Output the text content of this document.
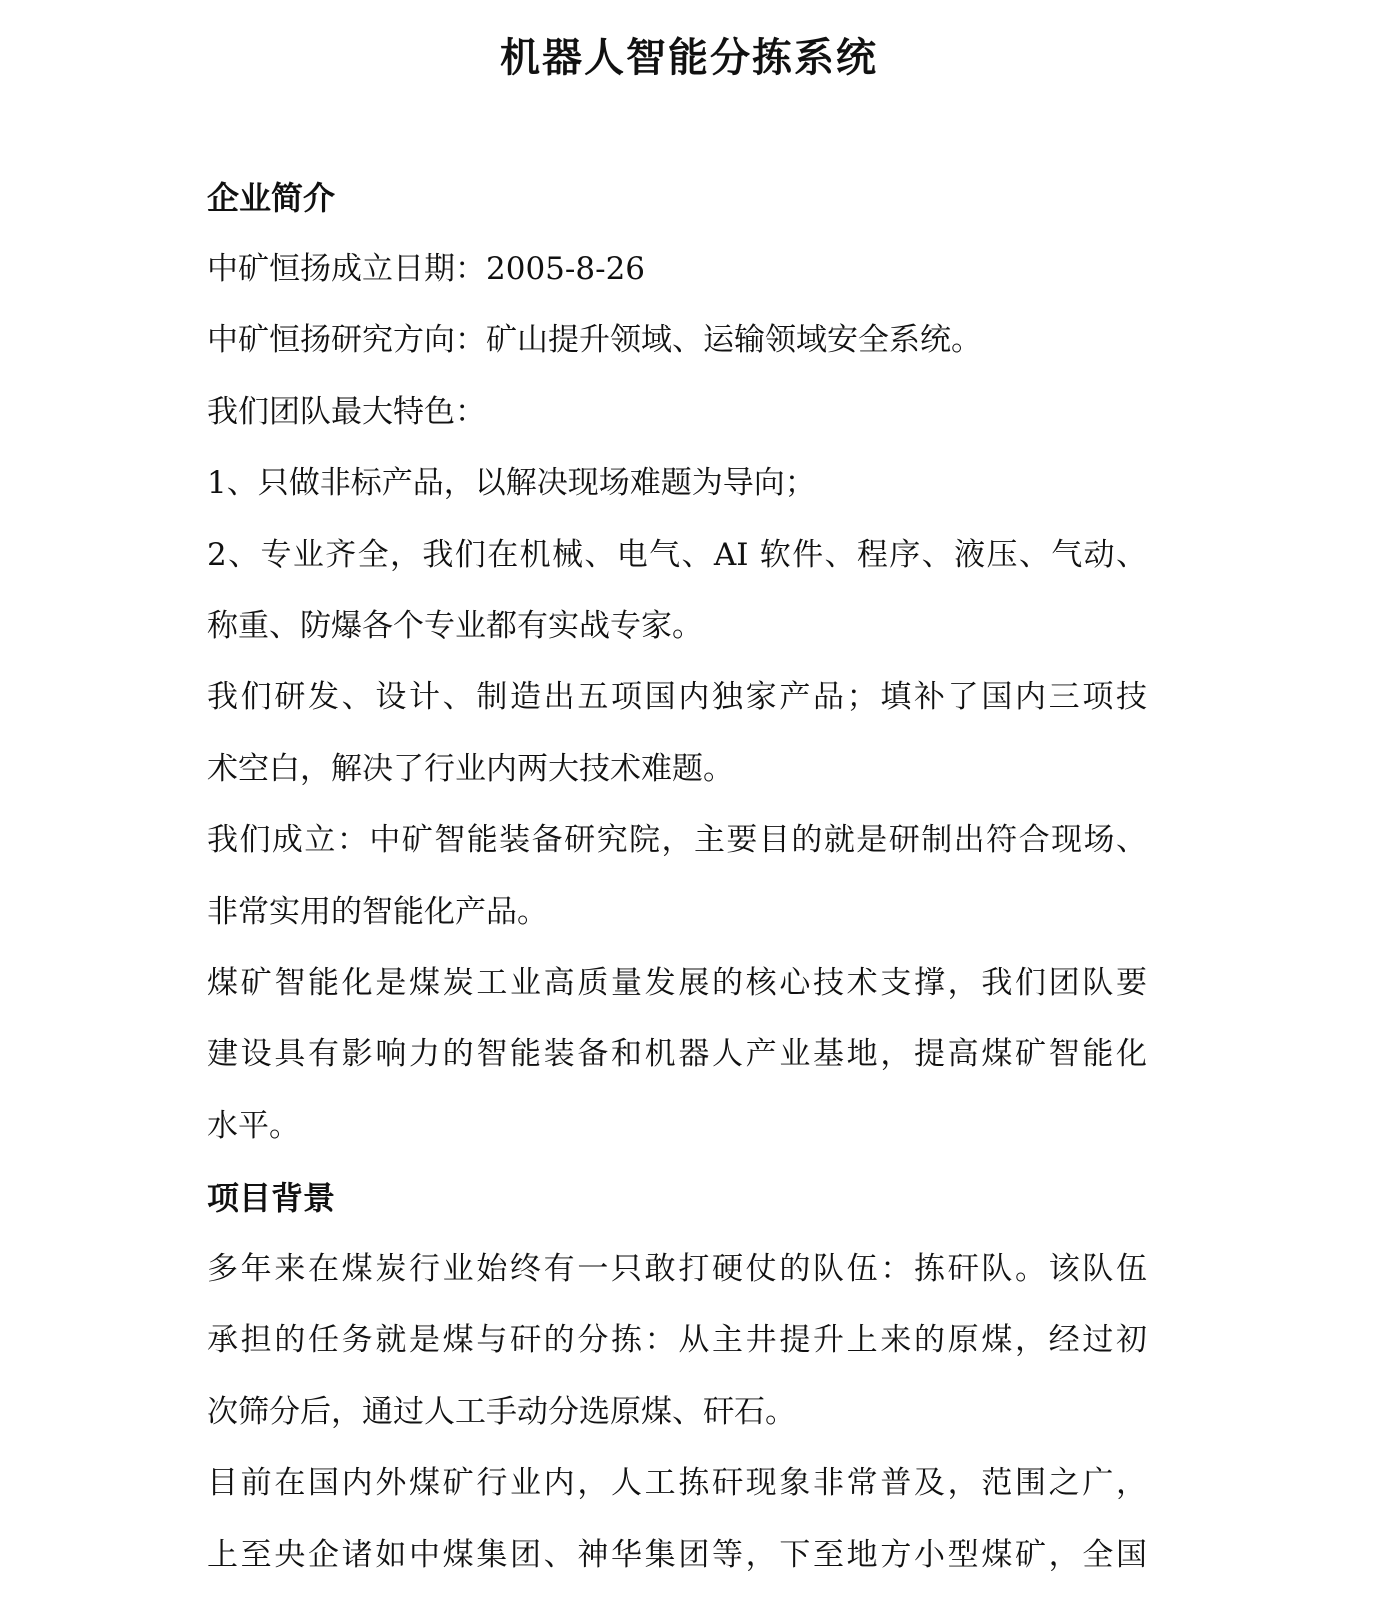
机器人智能分拣系统
企业简介
中矿恒扬成立日期：2005-8-26
中矿恒扬研究方向：矿山提升领域、运输领域安全系统。
我们团队最大特色：
1、只做非标产品，以解决现场难题为导向；
2、专业齐全，我们在机械、电气、AI 软件、程序、液压、气动、
称重、防爆各个专业都有实战专家。
我们研发、设计、制造出五项国内独家产品；填补了国内三项技
术空白，解决了行业内两大技术难题。
我们成立：中矿智能装备研究院，主要目的就是研制出符合现场、
非常实用的智能化产品。
煤矿智能化是煤炭工业高质量发展的核心技术支撑，我们团队要
建设具有影响力的智能装备和机器人产业基地，提高煤矿智能化
水平。
项目背景
多年来在煤炭行业始终有一只敢打硬仗的队伍：拣矸队。该队伍
承担的任务就是煤与矸的分拣：从主井提升上来的原煤，经过初
次筛分后，通过人工手动分选原煤、矸石。
目前在国内外煤矿行业内，人工拣矸现象非常普及，范围之广，
上至央企诸如中煤集团、神华集团等，下至地方小型煤矿，全国
